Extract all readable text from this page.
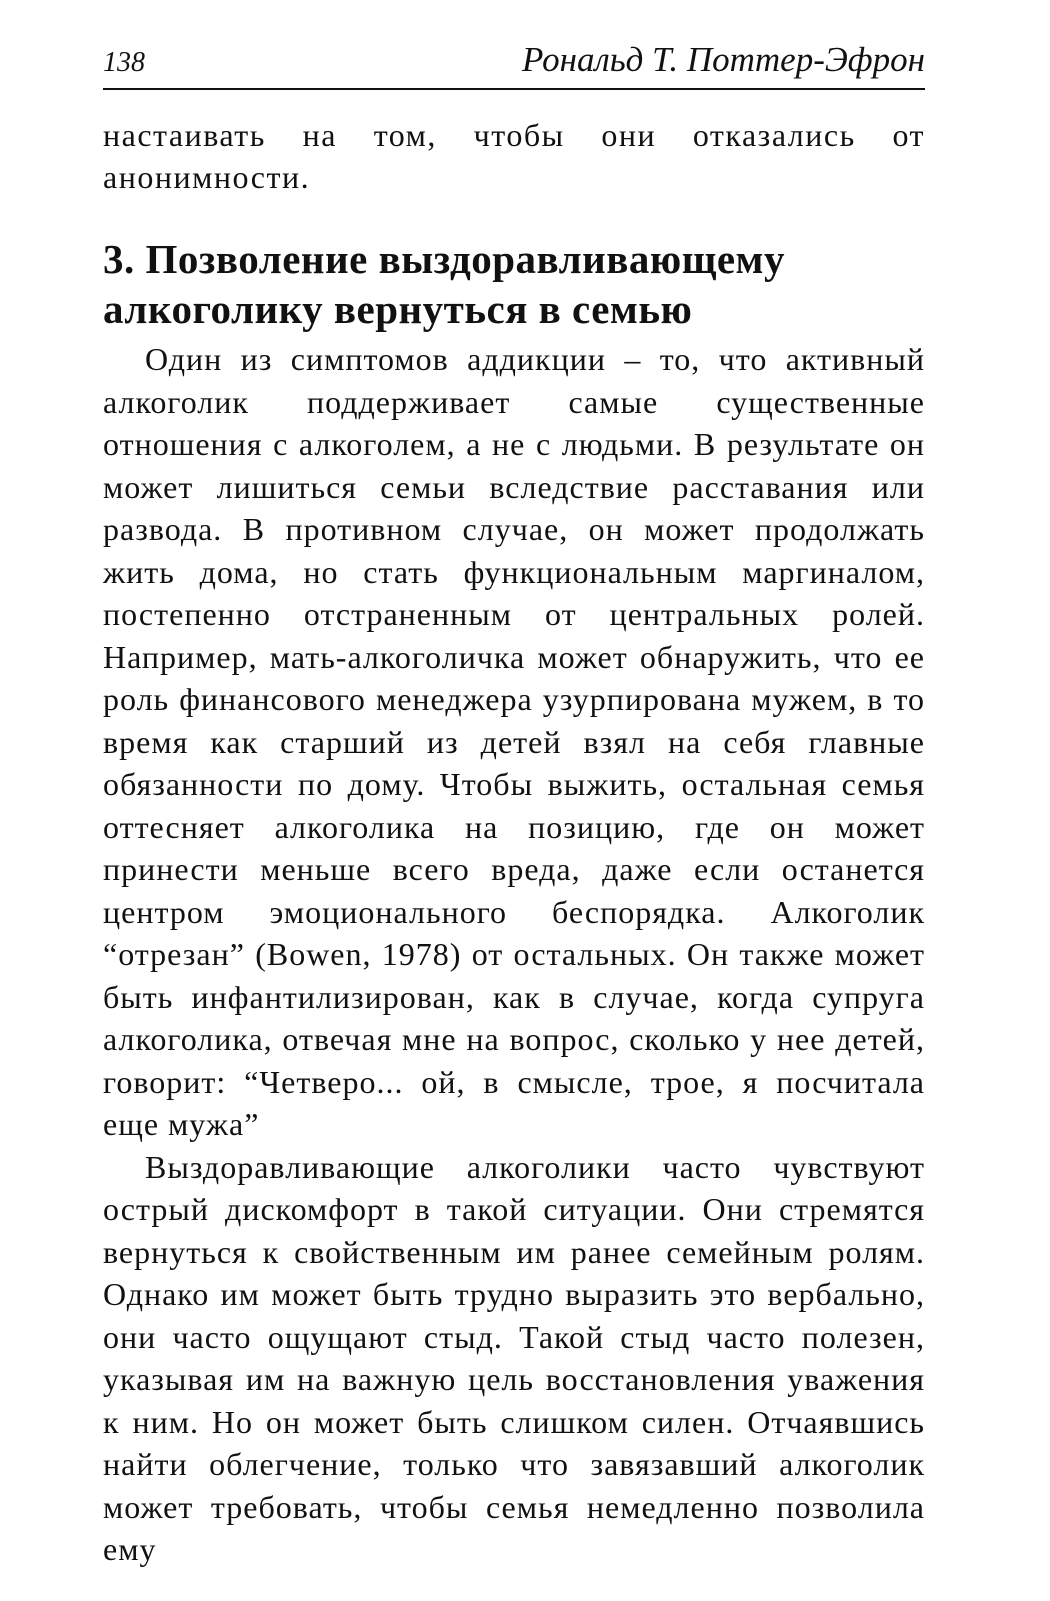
138	Рональд Т. Поттер-Эфрон
настаивать на том, чтобы они отказались от анонимности.
3. Позволение выздоравливающему алкоголику вернуться в семью

Один из симптомов аддикции – то, что активный алкоголик поддерживает самые существенные отношения с алкоголем, а не с людьми. В результате он может лишиться семьи вследствие расставания или развода. В противном случае, он может продолжать жить дома, но стать функциональным маргиналом, постепенно отстраненным от центральных ролей. Например, мать-алкоголичка может обнаружить, что ее роль финансового менеджера узурпирована мужем, в то время как старший из детей взял на себя главные обязанности по дому. Чтобы выжить, остальная семья оттесняет алкоголика на позицию, где он может принести меньше всего вреда, даже если останется центром эмоционального беспорядка. Алкоголик “отрезан” (Bowen, 1978) от остальных. Он также может быть инфантилизирован, как в случае, когда супруга алкоголика, отвечая мне на вопрос, сколько у нее детей, говорит: “Четверо... ой, в смысле, трое, я посчитала еще мужа”

Выздоравливающие алкоголики часто чувствуют острый дискомфорт в такой ситуации. Они стремятся вернуться к свойственным им ранее семейным ролям. Однако им может быть трудно выразить это вербально, они часто ощущают стыд. Такой стыд часто полезен, указывая им на важную цель восстановления уважения к ним. Но он может быть слишком силен. Отчаявшись найти облегчение, только что завязавший алкоголик может требовать, чтобы семья немедленно позволила ему
